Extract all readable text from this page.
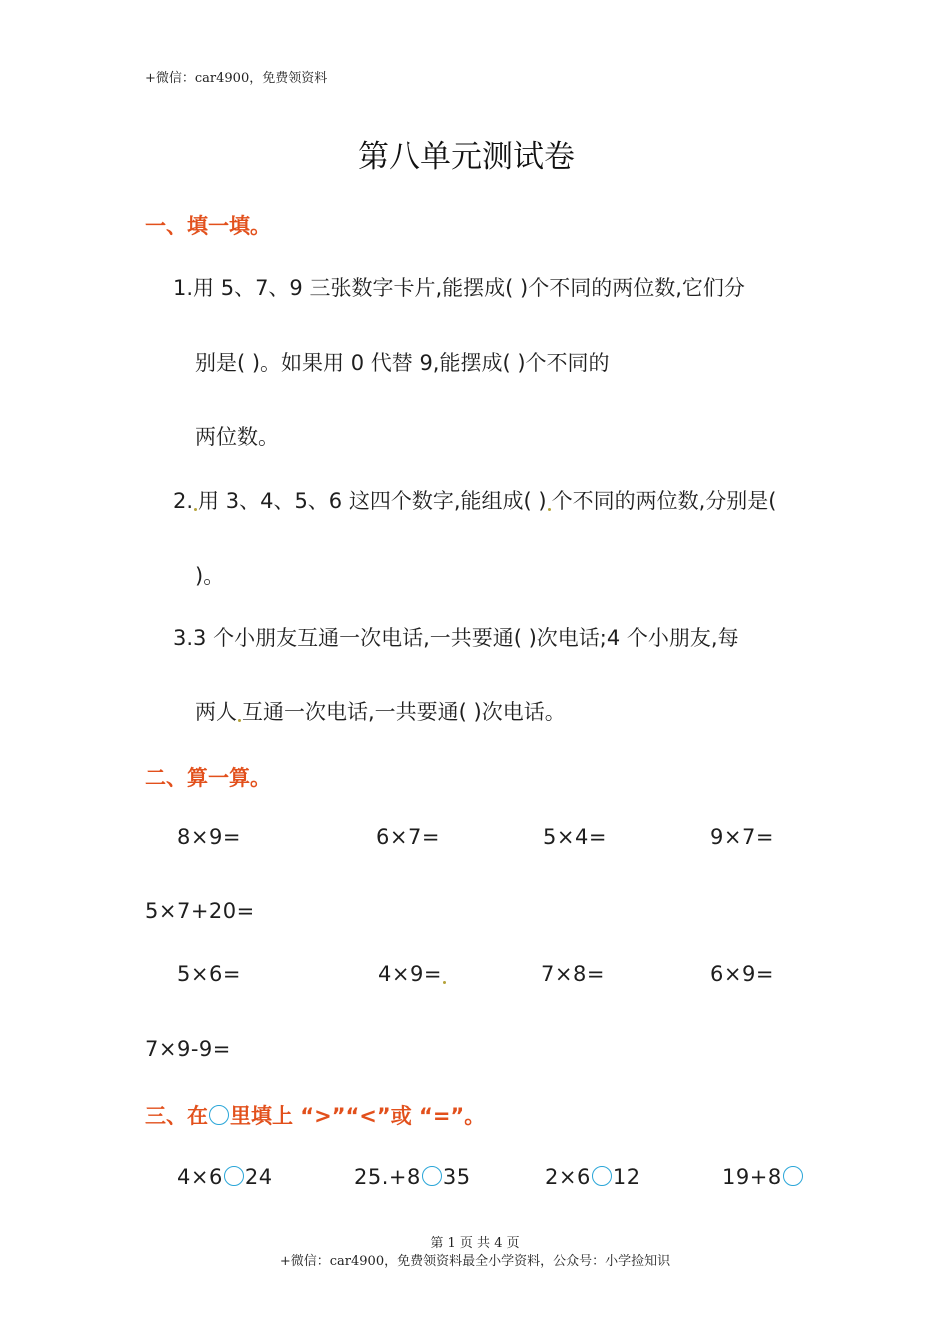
+微信：car4900，免费领资料
第八单元测试卷
一、填一填。
1.用 5、7、9 三张数字卡片,能摆成( )个不同的两位数,它们分
别是( )。如果用 0 代替 9,能摆成( )个不同的
两位数。
2. 用 3、4、5、6 这四个数字,能组成( ) 个不同的两位数,分别是(
)。
3.3 个小朋友互通一次电话,一共要通( )次电话;4 个小朋友,每
两人 互通一次电话,一共要通( )次电话。
二、算一算。
8×9=	6×7=	5×4=	9×7=
5×7+20=
5×6=	4×9=	7×8=	6×9=
7×9-9=
三、在 里填上 “>”“<”或 “=”。
4×6 24	25.+8 35	2×6 12	19+8
第 1 页 共 4 页
+微信：car4900，免费领资料最全小学资料，公众号：小学捡知识
